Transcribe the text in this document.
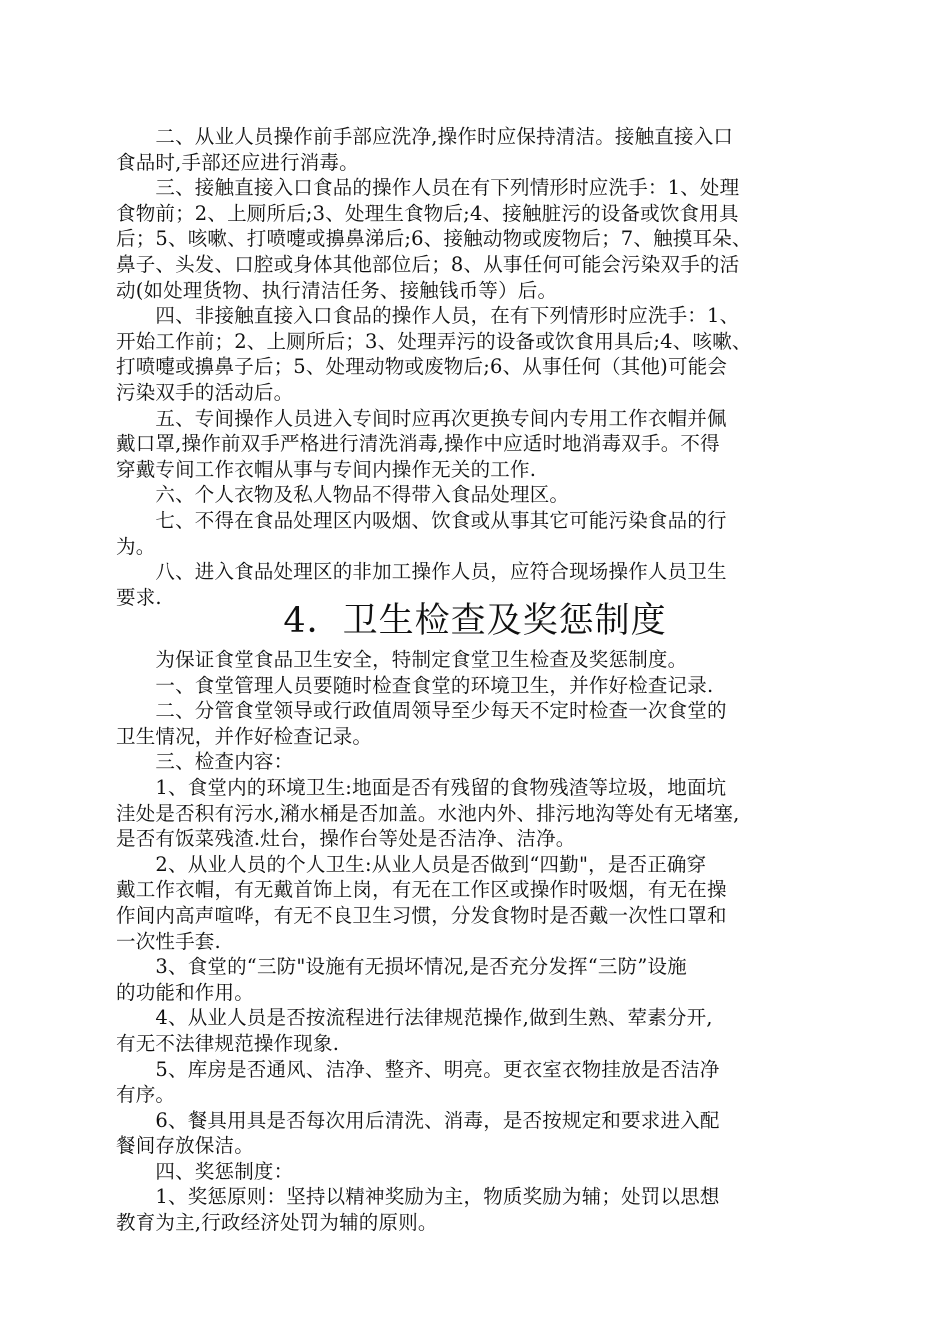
　　二、从业人员操作前手部应洗净,操作时应保持清洁。接触直接入口
食品时,手部还应进行消毒。
　　三、接触直接入口食品的操作人员在有下列情形时应洗手：1、处理
食物前；2、上厕所后;3、处理生食物后;4、接触脏污的设备或饮食用具
后；5、咳嗽、打喷嚏或擤鼻涕后;6、接触动物或废物后；7、触摸耳朵、
鼻子、头发、口腔或身体其他部位后；8、从事任何可能会污染双手的活
动(如处理货物、执行清洁任务、接触钱币等）后。
　　四、非接触直接入口食品的操作人员，在有下列情形时应洗手：1、
开始工作前；2、上厕所后；3、处理弄污的设备或饮食用具后;4、咳嗽、
打喷嚏或擤鼻子后；5、处理动物或废物后;6、从事任何（其他)可能会
污染双手的活动后。
　　五、专间操作人员进入专间时应再次更换专间内专用工作衣帽并佩
戴口罩,操作前双手严格进行清洗消毒,操作中应适时地消毒双手。不得
穿戴专间工作衣帽从事与专间内操作无关的工作.
　　六、个人衣物及私人物品不得带入食品处理区。
　　七、不得在食品处理区内吸烟、饮食或从事其它可能污染食品的行
为。
　　八、进入食品处理区的非加工操作人员，应符合现场操作人员卫生
要求.
4．卫生检查及奖惩制度
　　为保证食堂食品卫生安全，特制定食堂卫生检查及奖惩制度。
　　一、食堂管理人员要随时检查食堂的环境卫生，并作好检查记录.
　　二、分管食堂领导或行政值周领导至少每天不定时检查一次食堂的
卫生情况，并作好检查记录。
　　三、检查内容：
　　1、食堂内的环境卫生:地面是否有残留的食物残渣等垃圾，地面坑
洼处是否积有污水,潲水桶是否加盖。水池内外、排污地沟等处有无堵塞,
是否有饭菜残渣.灶台，操作台等处是否洁净、洁净。
　　2、从业人员的个人卫生:从业人员是否做到“四勤"，是否正确穿
戴工作衣帽，有无戴首饰上岗，有无在工作区或操作时吸烟，有无在操
作间内高声喧哗，有无不良卫生习惯，分发食物时是否戴一次性口罩和
一次性手套.
　　3、食堂的“三防"设施有无损坏情况,是否充分发挥“三防”设施
的功能和作用。
　　4、从业人员是否按流程进行法律规范操作,做到生熟、荤素分开,
有无不法律规范操作现象.
　　5、库房是否通风、洁净、整齐、明亮。更衣室衣物挂放是否洁净
有序。
　　6、餐具用具是否每次用后清洗、消毒，是否按规定和要求进入配
餐间存放保洁。
　　四、奖惩制度：
　　1、奖惩原则：坚持以精神奖励为主，物质奖励为辅；处罚以思想
教育为主,行政经济处罚为辅的原则。
